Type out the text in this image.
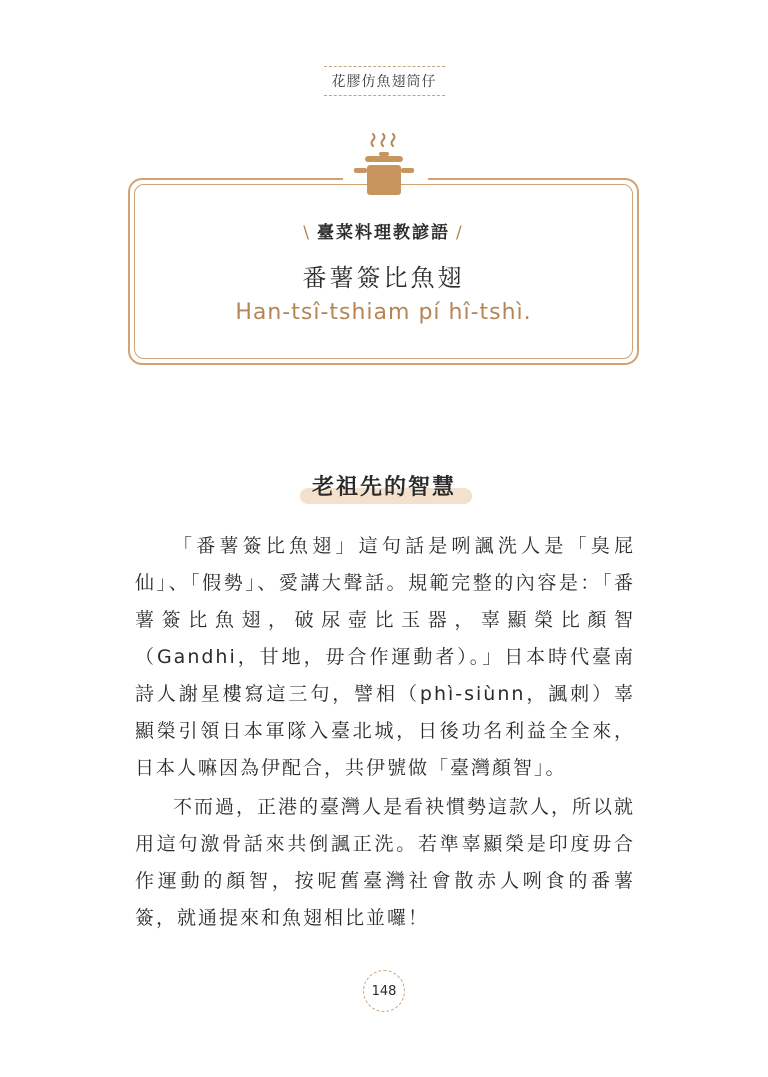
花膠仿魚翅筒仔
\ 臺菜料理教諺語 /
番薯簽比魚翅
Han-tsî-tshiam pí hî-tshì.
老祖先的智慧

「番薯簽比魚翅」這句話是咧諷洗人是「臭屁仙」、「假勢」、愛講大聲話。規範完整的內容是：「番薯簽比魚翅，破尿壺比玉器，辜顯榮比顏智（Gandhi，甘地，毋合作運動者）。」日本時代臺南詩人謝星樓寫這三句，譬相（phì-siùnn，諷刺）辜顯榮引領日本軍隊入臺北城，日後功名利益全全來，日本人嘛因為伊配合，共伊號做「臺灣顏智」。

不而過，正港的臺灣人是看袂慣勢這款人，所以就用這句激骨話來共倒諷正洗。若準辜顯榮是印度毋合作運動的顏智，按呢舊臺灣社會散赤人咧食的番薯簽，就通提來和魚翅相比並囉！

148
